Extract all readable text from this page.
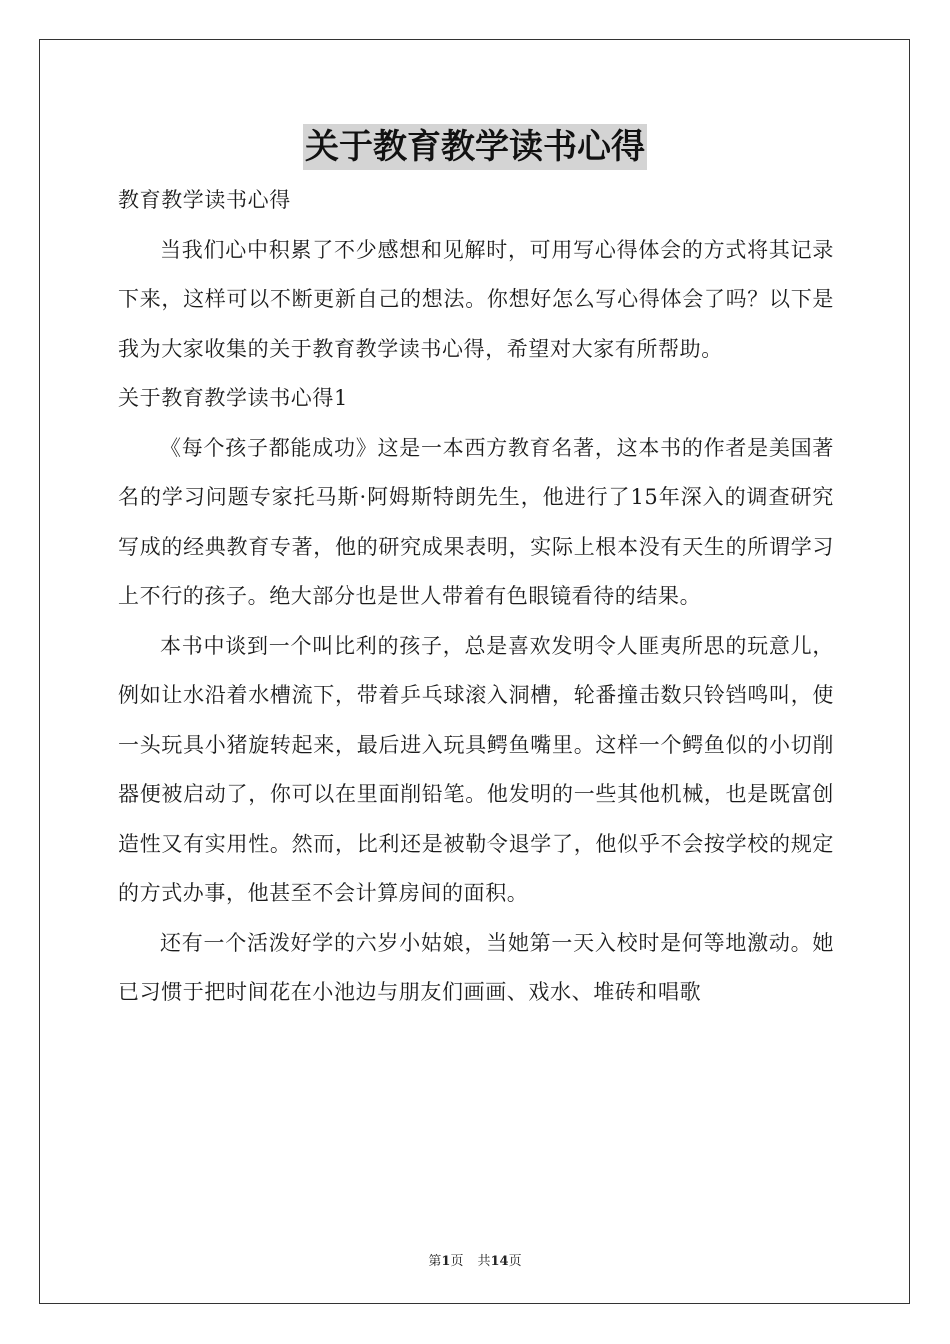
关于教育教学读书心得

教育教学读书心得

当我们心中积累了不少感想和见解时，可用写心得体会的方式将其记录下来，这样可以不断更新自己的想法。你想好怎么写心得体会了吗？以下是我为大家收集的关于教育教学读书心得，希望对大家有所帮助。

关于教育教学读书心得1

《每个孩子都能成功》这是一本西方教育名著，这本书的作者是美国著名的学习问题专家托马斯·阿姆斯特朗先生，他进行了15年深入的调查研究写成的经典教育专著，他的研究成果表明，实际上根本没有天生的所谓学习上不行的孩子。绝大部分也是世人带着有色眼镜看待的结果。

本书中谈到一个叫比利的孩子，总是喜欢发明令人匪夷所思的玩意儿，例如让水沿着水槽流下，带着乒乓球滚入洞槽，轮番撞击数只铃铛鸣叫，使一头玩具小猪旋转起来，最后进入玩具鳄鱼嘴里。这样一个鳄鱼似的小切削器便被启动了，你可以在里面削铅笔。他发明的一些其他机械，也是既富创造性又有实用性。然而，比利还是被勒令退学了，他似乎不会按学校的规定的方式办事，他甚至不会计算房间的面积。

还有一个活泼好学的六岁小姑娘，当她第一天入校时是何等地激动。她已习惯于把时间花在小池边与朋友们画画、戏水、堆砖和唱歌

第1页 共14页
